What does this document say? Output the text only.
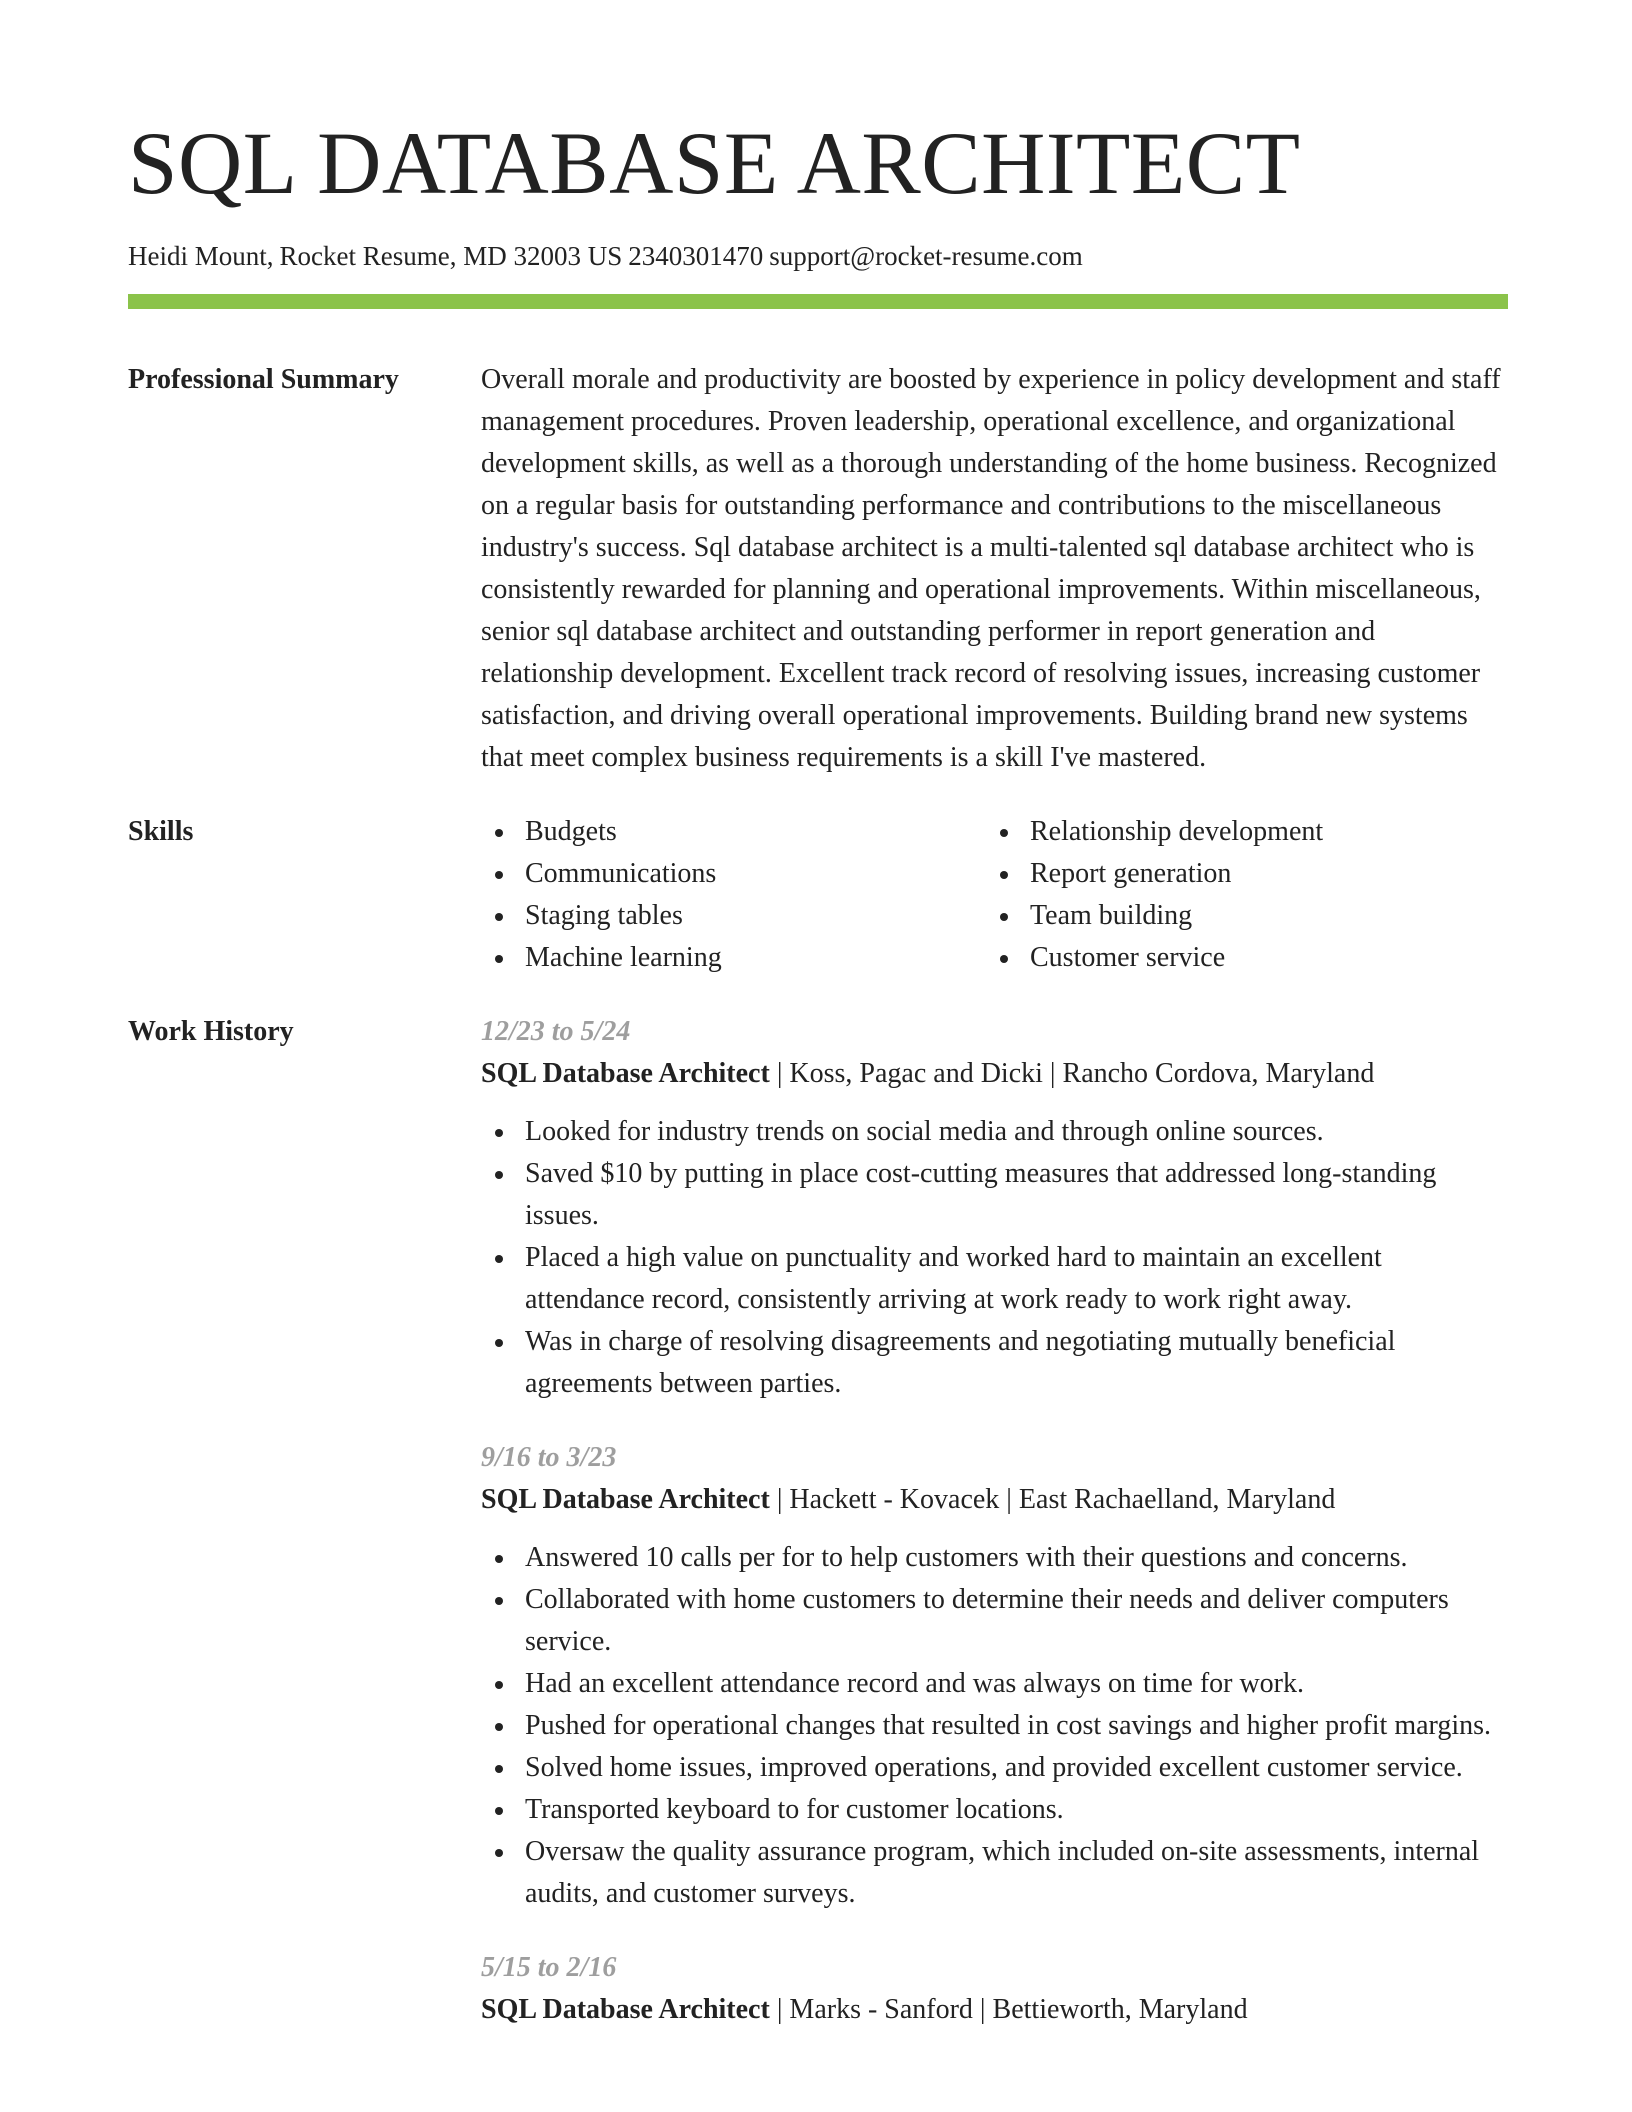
SQL DATABASE ARCHITECT
Heidi Mount, Rocket Resume, MD 32003 US 2340301470 support@rocket-resume.com
Professional Summary	Overall morale and productivity are boosted by experience in policy development and staff management procedures. Proven leadership, operational excellence, and organizational development skills, as well as a thorough understanding of the home business. Recognized on a regular basis for outstanding performance and contributions to the miscellaneous industry's success. Sql database architect is a multi-talented sql database architect who is consistently rewarded for planning and operational improvements. Within miscellaneous, senior sql database architect and outstanding performer in report generation and relationship development. Excellent track record of resolving issues, increasing customer satisfaction, and driving overall operational improvements. Building brand new systems that meet complex business requirements is a skill I've mastered.
Skills	Budgets
Communications
Staging tables
Machine learning
Relationship development
Report generation
Team building
Customer service
Work History	12/23 to 5/24
SQL Database Architect | Koss, Pagac and Dicki | Rancho Cordova, Maryland
Looked for industry trends on social media and through online sources.
Saved $10 by putting in place cost-cutting measures that addressed long-standing issues.
Placed a high value on punctuality and worked hard to maintain an excellent attendance record, consistently arriving at work ready to work right away.
Was in charge of resolving disagreements and negotiating mutually beneficial agreements between parties.
9/16 to 3/23
SQL Database Architect | Hackett - Kovacek | East Rachaelland, Maryland
Answered 10 calls per for to help customers with their questions and concerns.
Collaborated with home customers to determine their needs and deliver computers service.
Had an excellent attendance record and was always on time for work.
Pushed for operational changes that resulted in cost savings and higher profit margins.
Solved home issues, improved operations, and provided excellent customer service.
Transported keyboard to for customer locations.
Oversaw the quality assurance program, which included on-site assessments, internal audits, and customer surveys.
5/15 to 2/16
SQL Database Architect | Marks - Sanford | Bettieworth, Maryland
